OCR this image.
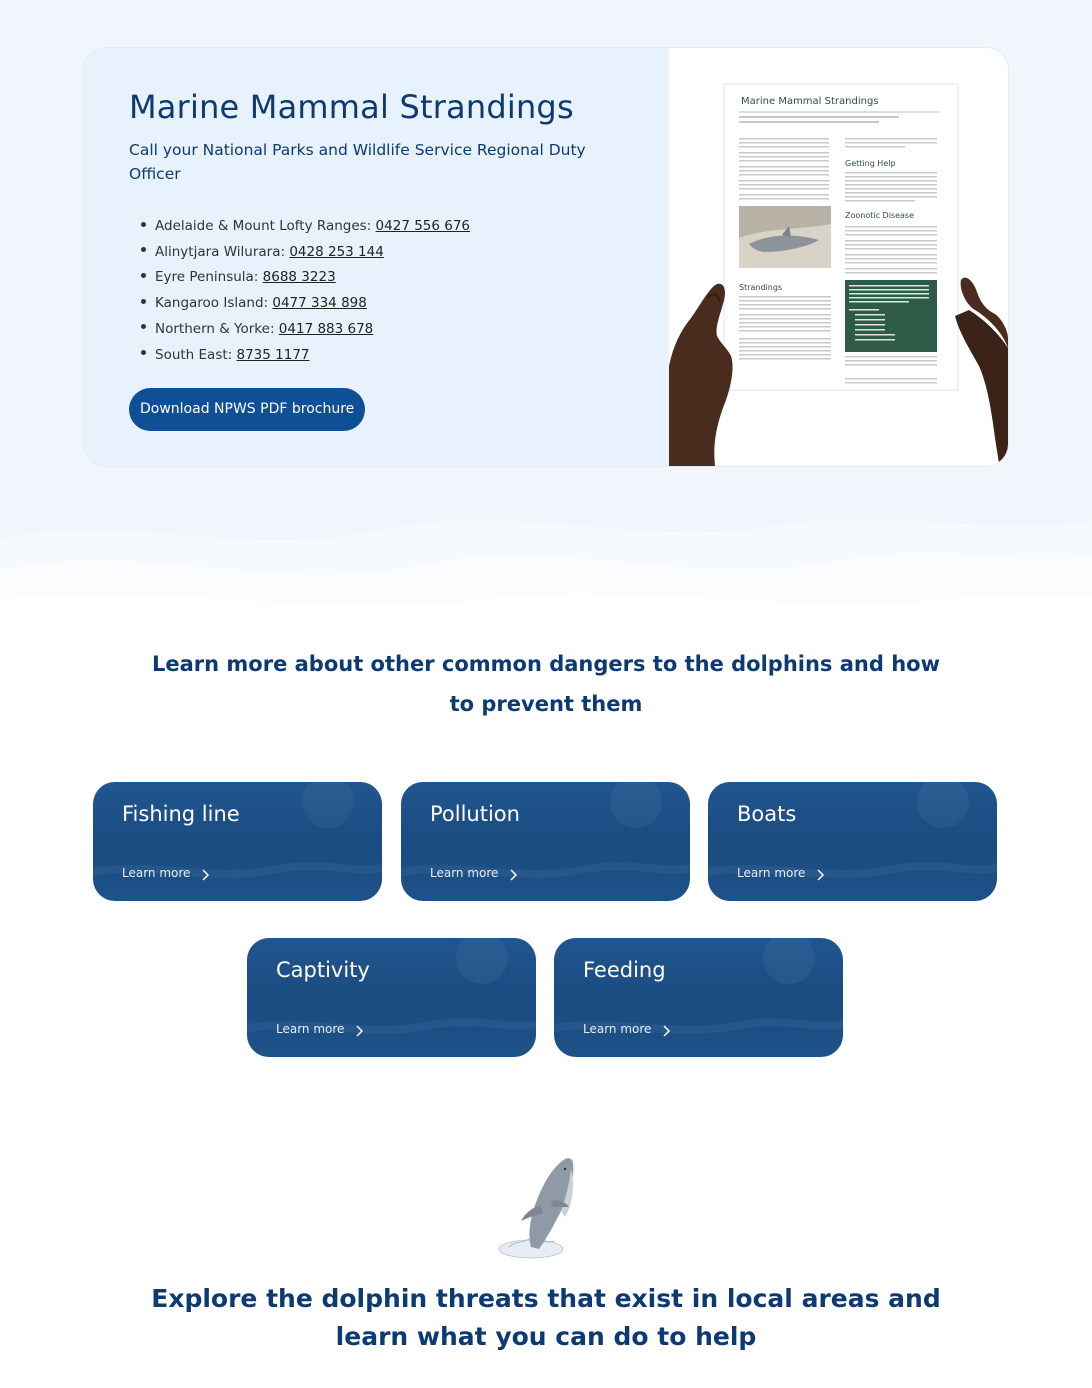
Marine Mammal Strandings

Call your National Parks and Wildlife Service Regional Duty Officer

Adelaide & Mount Lofty Ranges: 0427 556 676
Alinytjara Wilurara: 0428 253 144
Eyre Peninsula: 8688 3223
Kangaroo Island: 0477 334 898
Northern & Yorke: 0417 883 678
South East: 8735 1177
Download NPWS PDF brochure
Marine Mammal Strandings
Getting Help
Zoonotic Disease
Strandings
Learn more about other common dangers to the dolphins and how to prevent them
Fishing line
Learn more
Pollution
Learn more
Boats
Learn more
Captivity
Learn more
Feeding
Learn more
Explore the dolphin threats that exist in local areas and learn what you can do to help
